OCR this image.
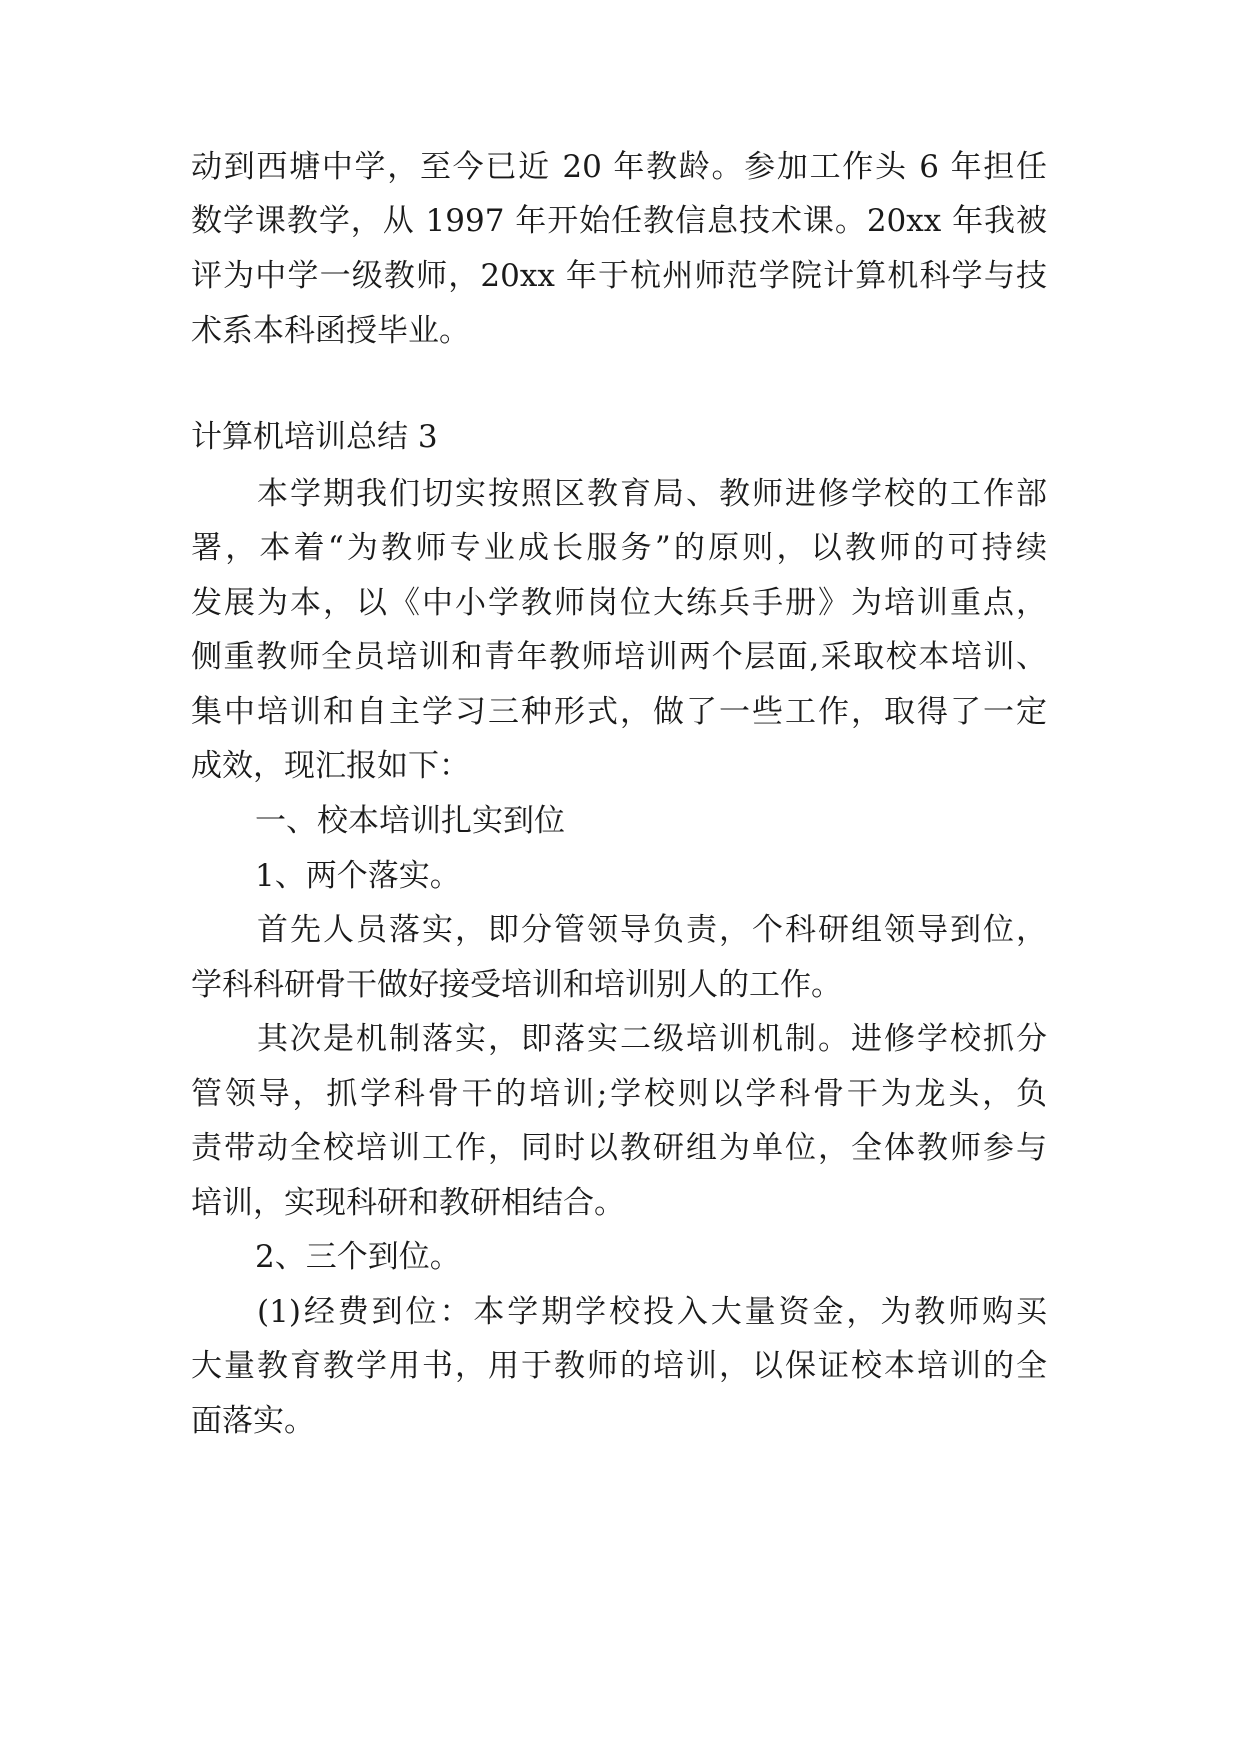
动到西塘中学，至今已近 20 年教龄。参加工作头 6 年担任
数学课教学，从 1997 年开始任教信息技术课。20xx 年我被
评为中学一级教师，20xx 年于杭州师范学院计算机科学与技
术系本科函授毕业。
计算机培训总结 3
本学期我们切实按照区教育局、教师进修学校的工作部
署，本着“为教师专业成长服务”的原则，以教师的可持续
发展为本，以《中小学教师岗位大练兵手册》为培训重点，
侧重教师全员培训和青年教师培训两个层面,采取校本培训、
集中培训和自主学习三种形式，做了一些工作，取得了一定
成效，现汇报如下：
一、校本培训扎实到位
1、两个落实。
首先人员落实，即分管领导负责，个科研组领导到位，
学科科研骨干做好接受培训和培训别人的工作。
其次是机制落实，即落实二级培训机制。进修学校抓分
管领导，抓学科骨干的培训;学校则以学科骨干为龙头，负
责带动全校培训工作，同时以教研组为单位，全体教师参与
培训，实现科研和教研相结合。
2、三个到位。
(1)经费到位：本学期学校投入大量资金，为教师购买
大量教育教学用书，用于教师的培训，以保证校本培训的全
面落实。
